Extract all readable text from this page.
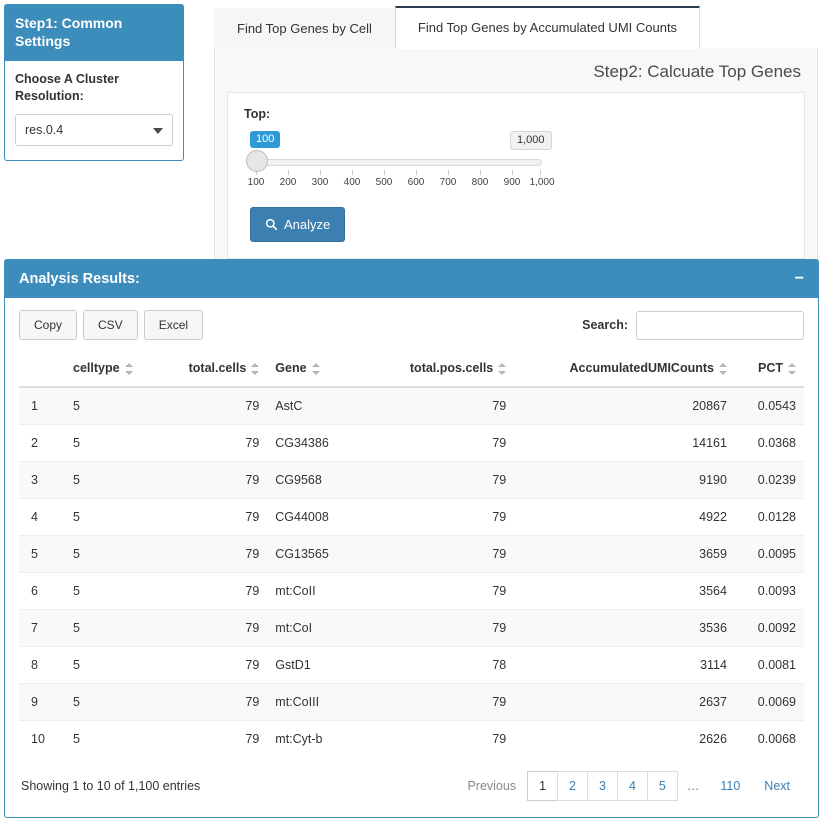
Step1: Common Settings
Choose A Cluster Resolution:
res.0.4
Find Top Genes by Cell	Find Top Genes by Accumulated UMI Counts
Step2: Calcuate Top Genes
Top:
100	1,000
100 200 300 400 500 600 700 800 900 1,000
Analyze
Analysis Results:	−
Copy	CSV	Excel	Search:
	celltype	total.cells	Gene	total.pos.cells	AccumulatedUMICounts	PCT
1	5	79	AstC	79	20867	0.0543
2	5	79	CG34386	79	14161	0.0368
3	5	79	CG9568	79	9190	0.0239
4	5	79	CG44008	79	4922	0.0128
5	5	79	CG13565	79	3659	0.0095
6	5	79	mt:CoII	79	3564	0.0093
7	5	79	mt:CoI	79	3536	0.0092
8	5	79	GstD1	78	3114	0.0081
9	5	79	mt:CoIII	79	2637	0.0069
10	5	79	mt:Cyt-b	79	2626	0.0068
Showing 1 to 10 of 1,100 entries	Previous	1	2	3	4	5	…	110	Next
